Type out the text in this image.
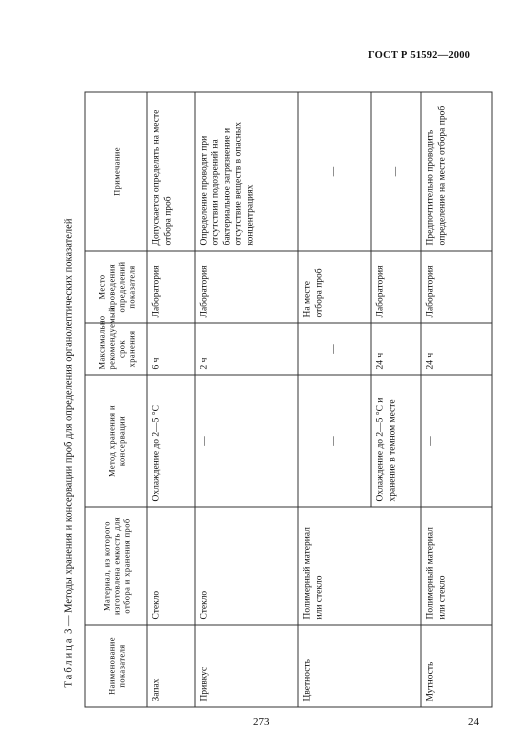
ГОСТ Р 51592—2000
Таблица 3 — Методы хранения и консервации проб для определения органолептических показателей
Наименование показателя	Материал, из которого изготовлена емкость для отбора и хранения проб	Метод хранения и консервации	Максимально рекомендуемый срок хранения	Место проведения определений показателя	Примечание
Запах	Стекло	Охлаждение до 2—5 °С	6 ч	Лаборатория	Допускается определять на месте отбора проб
Привкус	Стекло	—	2 ч	Лаборатория	Определение проводят при отсутствии подозрений на бактериальное загрязнение и отсутствие веществ в опасных концентрациях
Цветность	Полимерный материал или стекло	—	—	На месте отбора проб	—
		Охлаждение до 2—5 °С и хранение в темном месте	24 ч	Лаборатория	—
Мутность	Полимерный материал или стекло	—	24 ч	Лаборатория	Предпочтительно проводить определение на месте отбора проб
273	24
